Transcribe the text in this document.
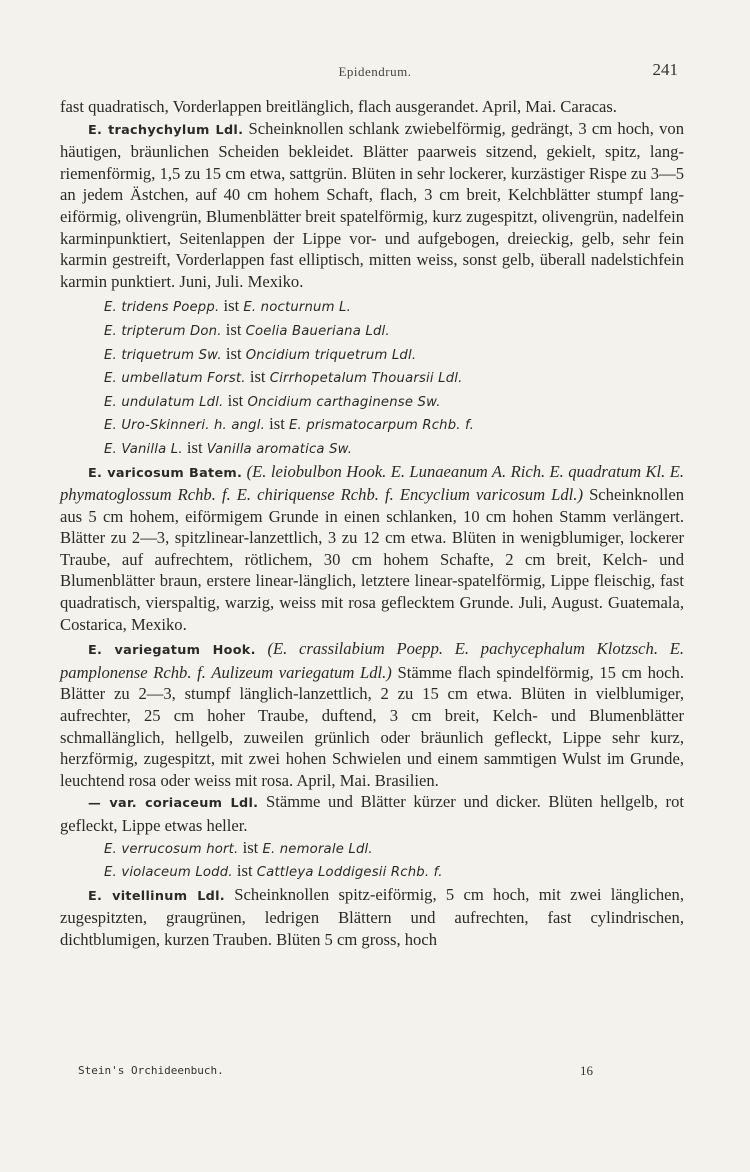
Epidendrum.	241

fast quadratisch, Vorderlappen breitlänglich, flach ausgerandet. April, Mai. Caracas.

E. trachychylum Ldl. Scheinknollen schlank zwiebelförmig, gedrängt, 3 cm hoch, von häutigen, bräunlichen Scheiden bekleidet. Blätter paarweis sitzend, gekielt, spitz, lang-riemenförmig, 1,5 zu 15 cm etwa, sattgrün. Blüten in sehr lockerer, kurzästiger Rispe zu 3—5 an jedem Ästchen, auf 40 cm hohem Schaft, flach, 3 cm breit, Kelchblätter stumpf lang-eiförmig, olivengrün, Blumenblätter breit spatelförmig, kurz zugespitzt, olivengrün, nadelfein karminpunktiert, Seitenlappen der Lippe vor- und aufgebogen, dreieckig, gelb, sehr fein karmin gestreift, Vorderlappen fast elliptisch, mitten weiss, sonst gelb, überall nadelstichfein karmin punktiert. Juni, Juli. Mexiko.

E. tridens Poepp. ist E. nocturnum L.

E. tripterum Don. ist Coelia Baueriana Ldl.

E. triquetrum Sw. ist Oncidium triquetrum Ldl.

E. umbellatum Forst. ist Cirrhopetalum Thouarsii Ldl.

E. undulatum Ldl. ist Oncidium carthaginense Sw.

E. Uro-Skinneri. h. angl. ist E. prismatocarpum Rchb. f.

E. Vanilla L. ist Vanilla aromatica Sw.

E. varicosum Batem. (E. leiobulbon Hook. E. Lunaeanum A. Rich. E. quadratum Kl. E. phymatoglossum Rchb. f. E. chiriquense Rchb. f. Encyclium varicosum Ldl.) Scheinknollen aus 5 cm hohem, eiförmigem Grunde in einen schlanken, 10 cm hohen Stamm verlängert. Blätter zu 2—3, spitzlinear-lanzettlich, 3 zu 12 cm etwa. Blüten in wenigblumiger, lockerer Traube, auf aufrechtem, rötlichem, 30 cm hohem Schafte, 2 cm breit, Kelch- und Blumenblätter braun, erstere linear-länglich, letztere linear-spatelförmig, Lippe fleischig, fast quadratisch, vierspaltig, warzig, weiss mit rosa geflecktem Grunde. Juli, August. Guatemala, Costarica, Mexiko.

E. variegatum Hook. (E. crassilabium Poepp. E. pachycephalum Klotzsch. E. pamplonense Rchb. f. Aulizeum variegatum Ldl.) Stämme flach spindelförmig, 15 cm hoch. Blätter zu 2—3, stumpf länglich-lanzettlich, 2 zu 15 cm etwa. Blüten in vielblumiger, aufrechter, 25 cm hoher Traube, duftend, 3 cm breit, Kelch- und Blumenblätter schmallänglich, hellgelb, zuweilen grünlich oder bräunlich gefleckt, Lippe sehr kurz, herzförmig, zugespitzt, mit zwei hohen Schwielen und einem sammtigen Wulst im Grunde, leuchtend rosa oder weiss mit rosa. April, Mai. Brasilien.

— var. coriaceum Ldl. Stämme und Blätter kürzer und dicker. Blüten hellgelb, rot gefleckt, Lippe etwas heller.

E. verrucosum hort. ist E. nemorale Ldl.

E. violaceum Lodd. ist Cattleya Loddigesii Rchb. f.

E. vitellinum Ldl. Scheinknollen spitz-eiförmig, 5 cm hoch, mit zwei länglichen, zugespitzten, graugrünen, ledrigen Blättern und aufrechten, fast cylindrischen, dichtblumigen, kurzen Trauben. Blüten 5 cm gross, hoch

Stein's Orchideenbuch.	16
